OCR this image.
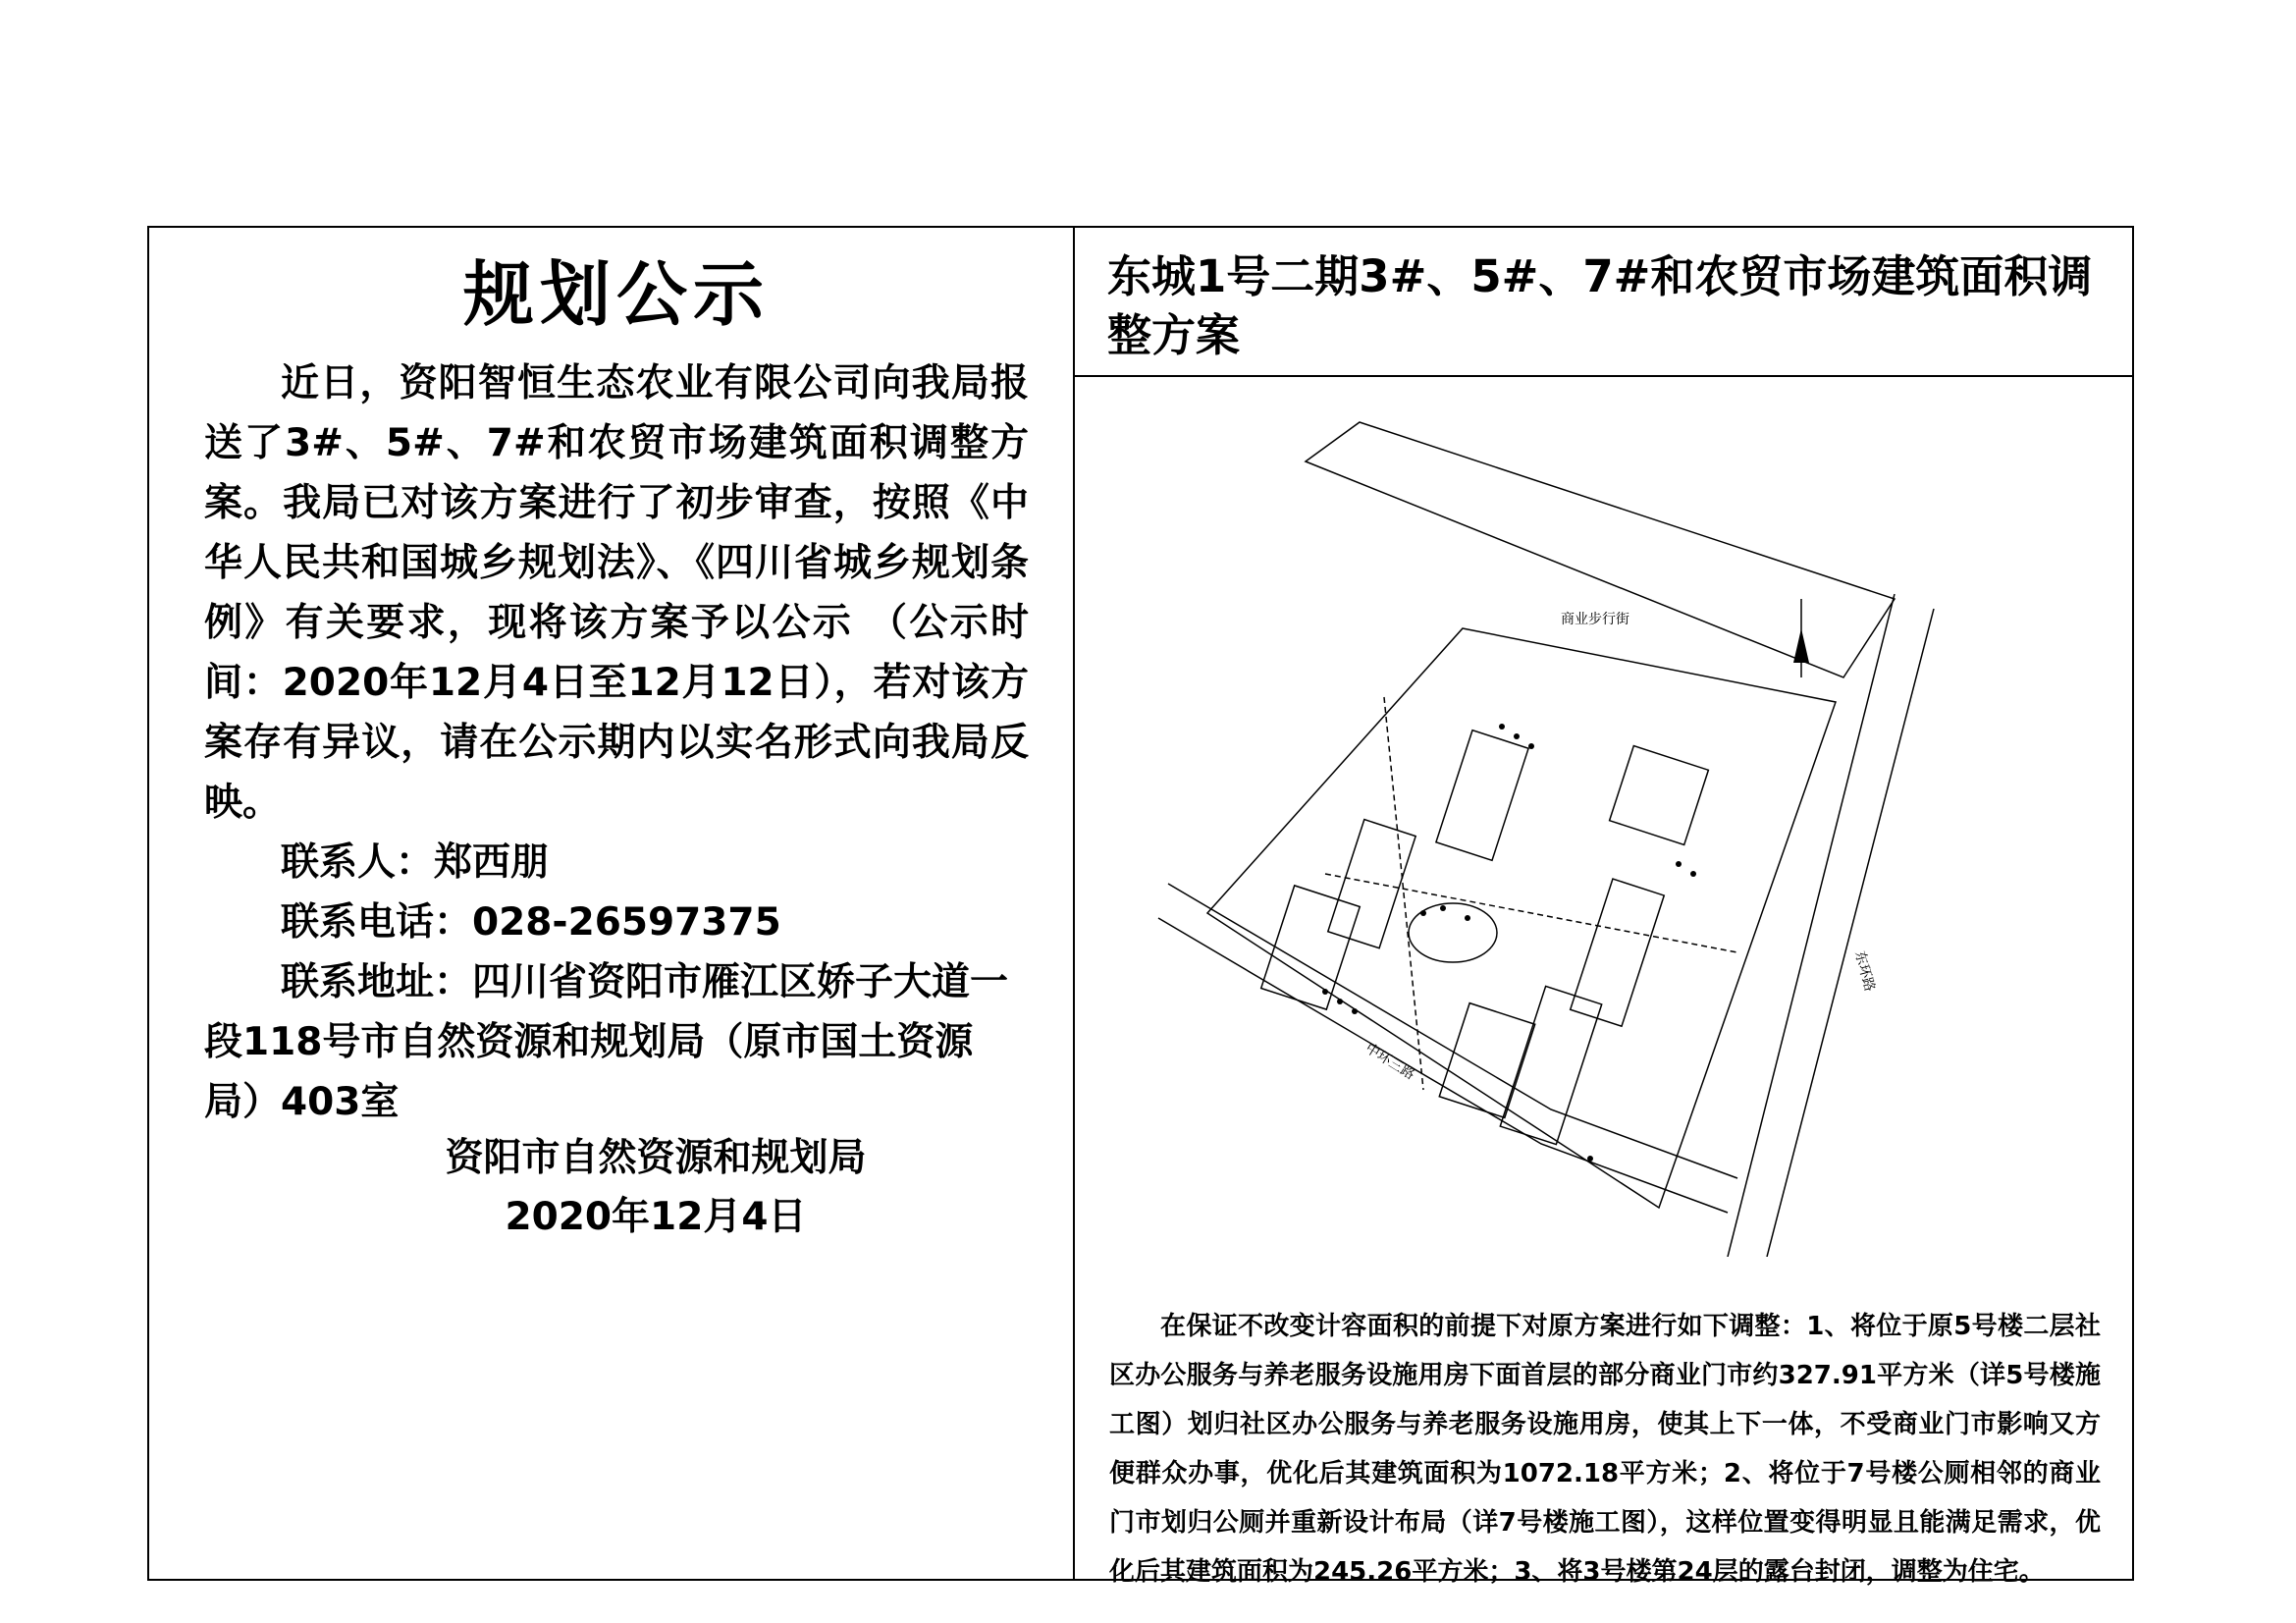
规划公示

近日，资阳智恒生态农业有限公司向我局报送了3#、5#、7#和农贸市场建筑面积调整方案。我局已对该方案进行了初步审查，按照《中华人民共和国城乡规划法》、《四川省城乡规划条例》有关要求，现将该方案予以公示 （公示时间：2020年12月4日至12月12日），若对该方案存有异议，请在公示期内以实名形式向我局反映。

联系人：郑西朋

联系电话：028-26597375

联系地址：四川省资阳市雁江区娇子大道一段118号市自然资源和规划局（原市国土资源局）403室

资阳市自然资源和规划局
2020年12月4日
东城1号二期3#、5#、7#和农贸市场建筑面积调整方案
商业步行街
中环三路
东环路

在保证不改变计容面积的前提下对原方案进行如下调整：1、将位于原5号楼二层社区办公服务与养老服务设施用房下面首层的部分商业门市约327.91平方米（详5号楼施工图）划归社区办公服务与养老服务设施用房，使其上下一体，不受商业门市影响又方便群众办事，优化后其建筑面积为1072.18平方米；2、将位于7号楼公厕相邻的商业门市划归公厕并重新设计布局（详7号楼施工图），这样位置变得明显且能满足需求，优化后其建筑面积为245.26平方米；3、将3号楼第24层的露台封闭，调整为住宅。
